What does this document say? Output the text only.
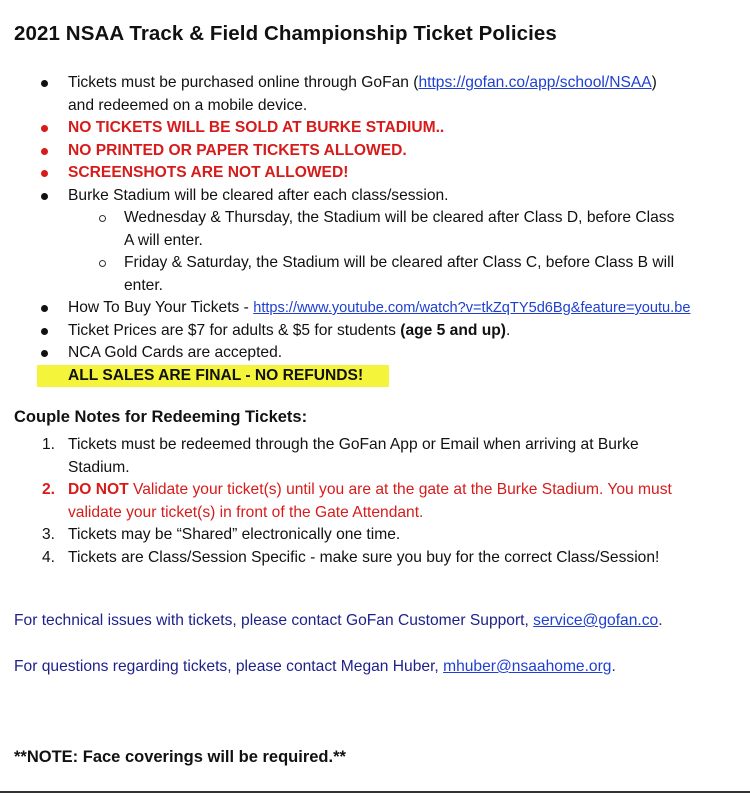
2021 NSAA Track & Field Championship Ticket Policies
Tickets must be purchased online through GoFan (https://gofan.co/app/school/NSAA)
and redeemed on a mobile device.
NO TICKETS WILL BE SOLD AT BURKE STADIUM..
NO PRINTED OR PAPER TICKETS ALLOWED.
SCREENSHOTS ARE NOT ALLOWED!
Burke Stadium will be cleared after each class/session.
Wednesday & Thursday, the Stadium will be cleared after Class D, before Class
A will enter.
Friday & Saturday, the Stadium will be cleared after Class C, before Class B will
enter.
How To Buy Your Tickets - https://www.youtube.com/watch?v=tkZqTY5d6Bg&feature=youtu.be
Ticket Prices are $7 for adults & $5 for students (age 5 and up).
NCA Gold Cards are accepted.
ALL SALES ARE FINAL - NO REFUNDS!
Couple Notes for Redeeming Tickets:
1. Tickets must be redeemed through the GoFan App or Email when arriving at Burke
Stadium.
2. DO NOT Validate your ticket(s) until you are at the gate at the Burke Stadium. You must
validate your ticket(s) in front of the Gate Attendant.
3. Tickets may be “Shared” electronically one time.
4. Tickets are Class/Session Specific - make sure you buy for the correct Class/Session!
For technical issues with tickets, please contact GoFan Customer Support, service@gofan.co.
For questions regarding tickets, please contact Megan Huber, mhuber@nsaahome.org.
**NOTE: Face coverings will be required.**
